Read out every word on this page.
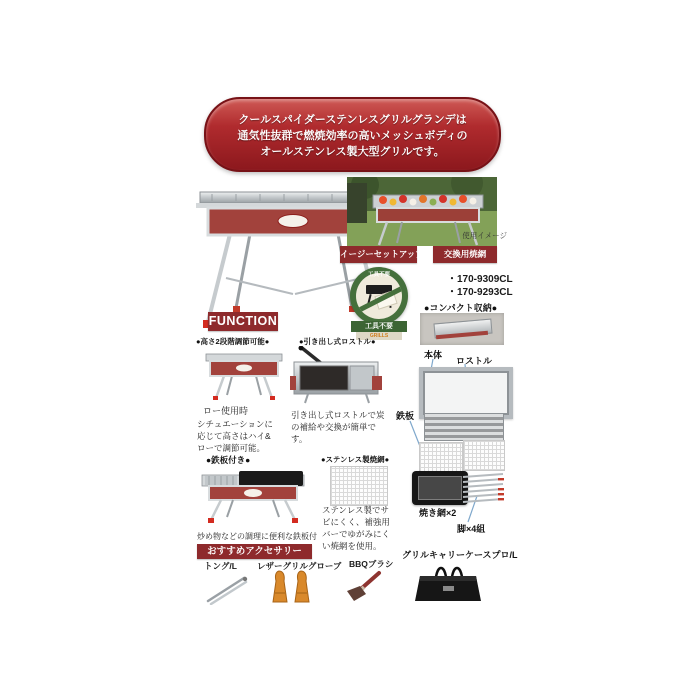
クールスパイダーステンレスグリルグランデは
通気性抜群で燃焼効率の高いメッシュボディの
オールステンレス製大型グリルです。
使用イメージ
イージーセットアップ	交換用焼網
工具不要
工具不要
GRILLS
・170-9309CL
・170-9293CL
●コンパクト収納●
本体
ロストル
鉄板
焼き網×2
脚×4組
グリルキャリーケースプロ/L
FUNCTION
●高さ2段階調節可能●
ロー使用時
シチュエーションに応じて高さはハイ&ローで調節可能。
●引き出し式ロストル●
引き出し式ロストルで炭の補給や交換が簡単です。
●鉄板付き●	●ステンレス製焼網●
ステンレス製でサビにくく、補強用バーでゆがみにくい焼網を使用。
炒め物などの調理に便利な鉄板付
おすすめアクセサリー
トング/L レザーグリルグローブ BBQブラシ
